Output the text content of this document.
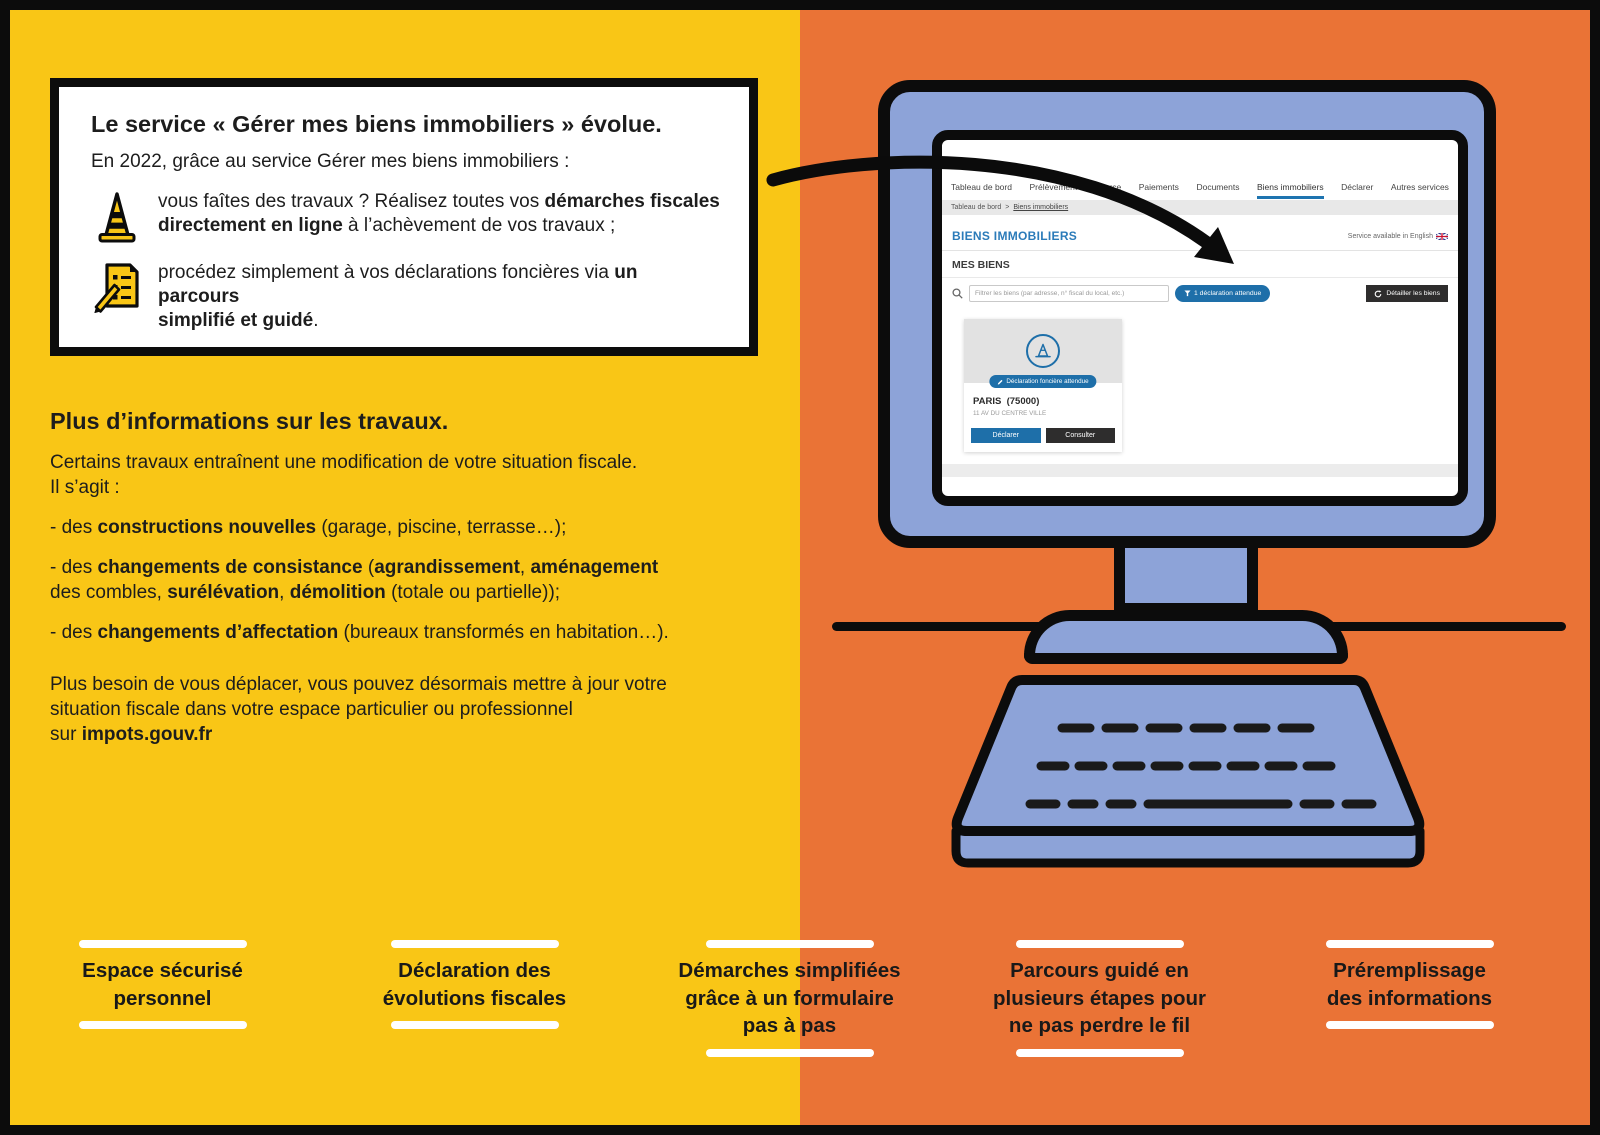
Le service « Gérer mes biens immobiliers » évolue.
En 2022, grâce au service Gérer mes biens immobiliers :
vous faîtes des travaux ? Réalisez toutes vos démarches fiscales
directement en ligne à l’achèvement de vos travaux ;
procédez simplement à vos déclarations foncières via un parcours
simplifié et guidé.
Plus d’informations sur les travaux.

Certains travaux entraînent une modification de votre situation fiscale.
Il s’agit :

- des constructions nouvelles (garage, piscine, terrasse…);

- des changements de consistance (agrandissement, aménagement
des combles, surélévation, démolition (totale ou partielle));

- des changements d’affectation (bureaux transformés en habitation…).

Plus besoin de vous déplacer, vous pouvez désormais mettre à jour votre
situation fiscale dans votre espace particulier ou professionnel
sur impots.gouv.fr

Tableau de bord Prélèvement à la source Paiements Documents Biens immobiliers Déclarer Autres services
Tableau de bord > Biens immobiliers
BIENS IMMOBILIERS	Service available in English
MES BIENS
Filtrer les biens (par adresse, n° fiscal du local, etc.)
1 déclaration attendue	Détailler les biens
Déclaration foncière attendue
PARIS  (75000)
11 AV DU CENTRE VILLE
Déclarer	Consulter
Espace sécurisé
personnel
Déclaration des
évolutions fiscales
Démarches simplifiées
grâce à un formulaire
pas à pas
Parcours guidé en
plusieurs étapes pour
ne pas perdre le fil
Préremplissage
des informations
